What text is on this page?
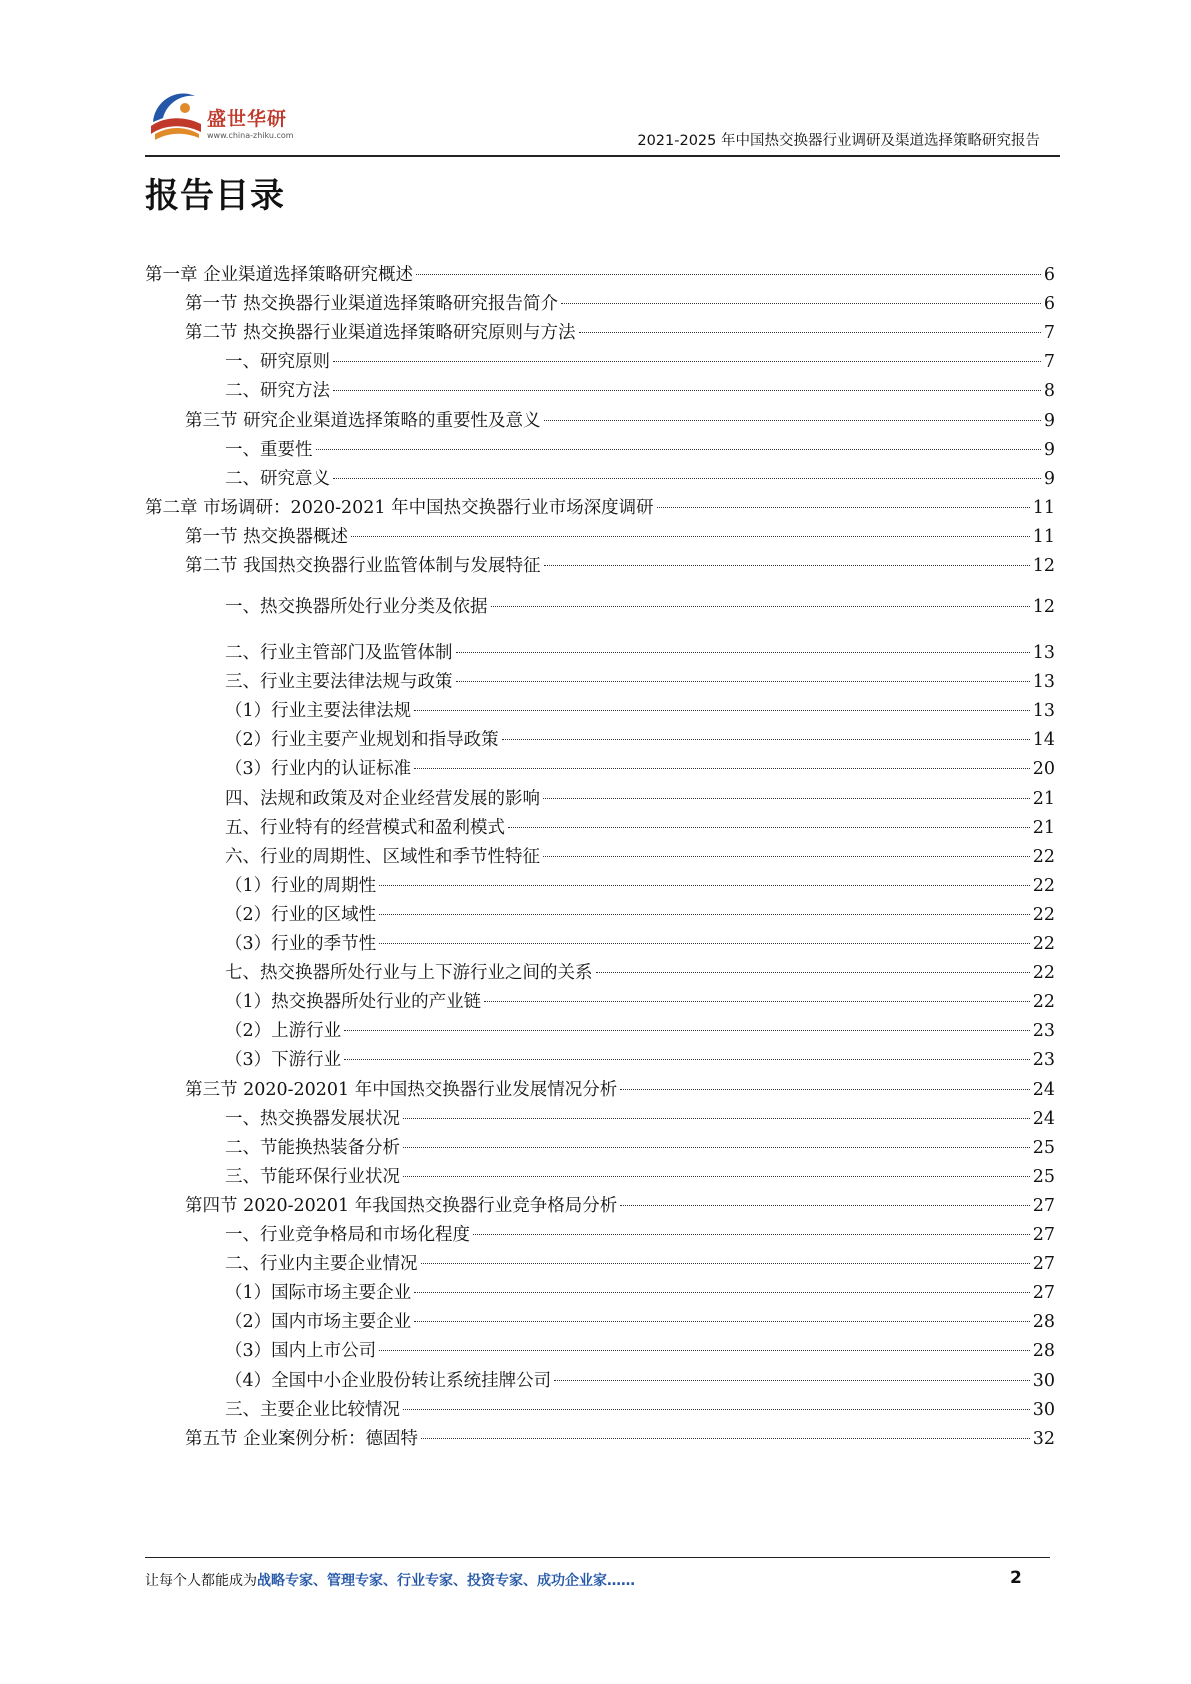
盛世华研
www.china-zhiku.com	2021-2025 年中国热交换器行业调研及渠道选择策略研究报告
报告目录
第一章 企业渠道选择策略研究概述	6
第一节 热交换器行业渠道选择策略研究报告简介	6
第二节 热交换器行业渠道选择策略研究原则与方法	7
一、研究原则	7
二、研究方法	8
第三节 研究企业渠道选择策略的重要性及意义	9
一、重要性	9
二、研究意义	9
第二章 市场调研：2020-2021 年中国热交换器行业市场深度调研	11
第一节 热交换器概述	11
第二节 我国热交换器行业监管体制与发展特征	12
一、热交换器所处行业分类及依据	12
二、行业主管部门及监管体制	13
三、行业主要法律法规与政策	13
（1）行业主要法律法规	13
（2）行业主要产业规划和指导政策	14
（3）行业内的认证标准	20
四、法规和政策及对企业经营发展的影响	21
五、行业特有的经营模式和盈利模式	21
六、行业的周期性、区域性和季节性特征	22
（1）行业的周期性	22
（2）行业的区域性	22
（3）行业的季节性	22
七、热交换器所处行业与上下游行业之间的关系	22
（1）热交换器所处行业的产业链	22
（2）上游行业	23
（3）下游行业	23
第三节 2020-20201 年中国热交换器行业发展情况分析	24
一、热交换器发展状况	24
二、节能换热装备分析	25
三、节能环保行业状况	25
第四节 2020-20201 年我国热交换器行业竞争格局分析	27
一、行业竞争格局和市场化程度	27
二、行业内主要企业情况	27
（1）国际市场主要企业	27
（2）国内市场主要企业	28
（3）国内上市公司	28
（4）全国中小企业股份转让系统挂牌公司	30
三、主要企业比较情况	30
第五节 企业案例分析：德固特	32
让每个人都能成为战略专家、管理专家、行业专家、投资专家、成功企业家……	2
